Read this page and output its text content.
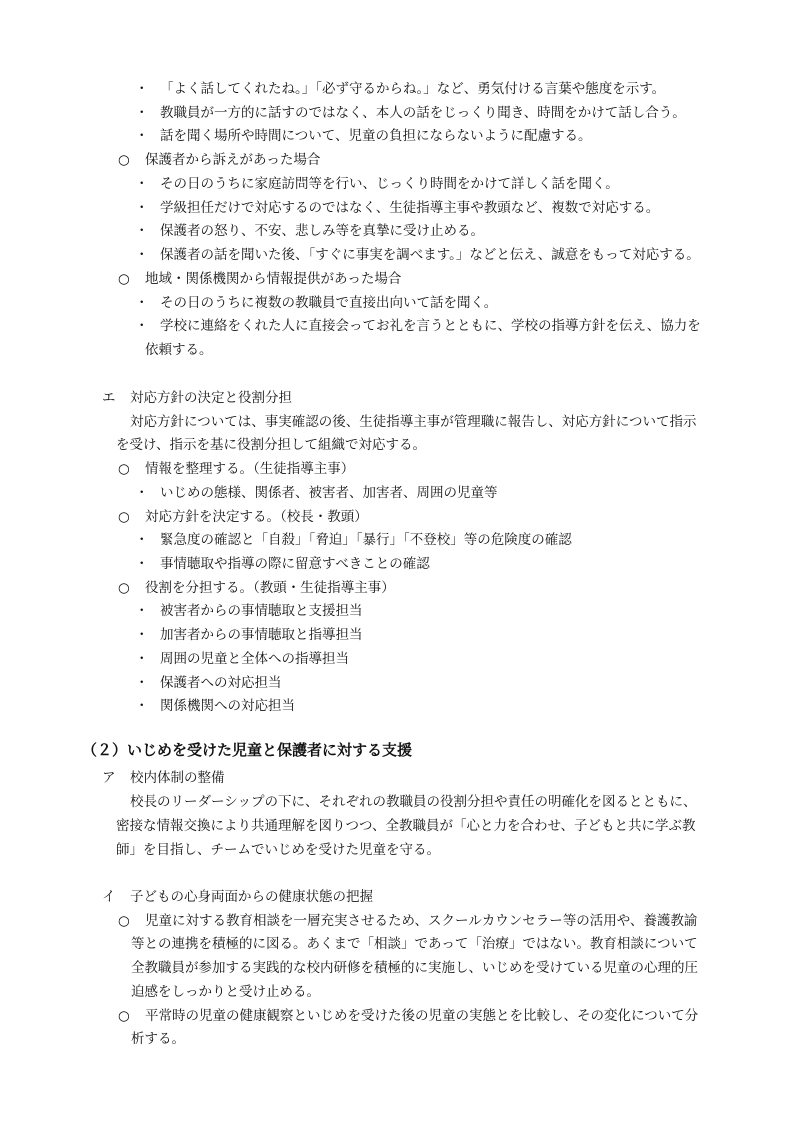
・ 「よく話してくれたね。」「必ず守るからね。」など、勇気付ける言葉や態度を示す。
・ 教職員が一方的に話すのではなく、本人の話をじっくり聞き、時間をかけて話し合う。
・ 話を聞く場所や時間について、児童の負担にならないように配慮する。
○ 保護者から訴えがあった場合
・ その日のうちに家庭訪問等を行い、じっくり時間をかけて詳しく話を聞く。
・ 学級担任だけで対応するのではなく、生徒指導主事や教頭など、複数で対応する。
・ 保護者の怒り、不安、悲しみ等を真摯に受け止める。
・ 保護者の話を聞いた後、「すぐに事実を調べます。」などと伝え、誠意をもって対応する。
○ 地域・関係機関から情報提供があった場合
・ その日のうちに複数の教職員で直接出向いて話を聞く。
・ 学校に連絡をくれた人に直接会ってお礼を言うとともに、学校の指導方針を伝え、協力を
依頼する。
エ 対応方針の決定と役割分担
対応方針については、事実確認の後、生徒指導主事が管理職に報告し、対応方針について指示
を受け、指示を基に役割分担して組織で対応する。
○ 情報を整理する。（生徒指導主事）
・ いじめの態様、関係者、被害者、加害者、周囲の児童等
○ 対応方針を決定する。（校長・教頭）
・ 緊急度の確認と「自殺」「脅迫」「暴行」「不登校」等の危険度の確認
・ 事情聴取や指導の際に留意すべきことの確認
○ 役割を分担する。（教頭・生徒指導主事）
・ 被害者からの事情聴取と支援担当
・ 加害者からの事情聴取と指導担当
・ 周囲の児童と全体への指導担当
・ 保護者への対応担当
・ 関係機関への対応担当
（２）いじめを受けた児童と保護者に対する支援
ア 校内体制の整備
校長のリーダーシップの下に、それぞれの教職員の役割分担や責任の明確化を図るとともに、
密接な情報交換により共通理解を図りつつ、全教職員が「心と力を合わせ、子どもと共に学ぶ教
師」を目指し、チームでいじめを受けた児童を守る。
イ 子どもの心身両面からの健康状態の把握
○ 児童に対する教育相談を一層充実させるため、スクールカウンセラー等の活用や、養護教諭
等との連携を積極的に図る。あくまで「相談」であって「治療」ではない。教育相談について
全教職員が参加する実践的な校内研修を積極的に実施し、いじめを受けている児童の心理的圧
迫感をしっかりと受け止める。
○ 平常時の児童の健康観察といじめを受けた後の児童の実態とを比較し、その変化について分
析する。
